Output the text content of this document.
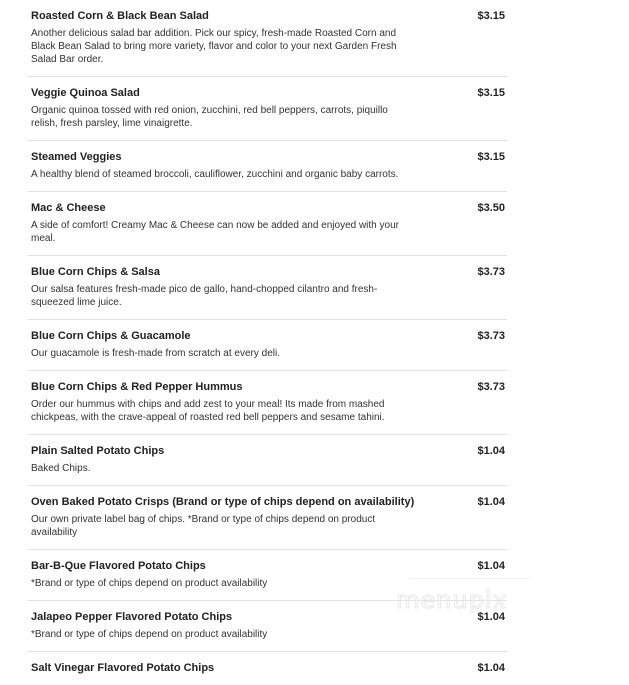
Roasted Corn & Black Bean Salad
Another delicious salad bar addition. Pick our spicy, fresh-made Roasted Corn and Black Bean Salad to bring more variety, flavor and color to your next Garden Fresh Salad Bar order.
$3.15
Veggie Quinoa Salad
Organic quinoa tossed with red onion, zucchini, red bell peppers, carrots, piquillo relish, fresh parsley, lime vinaigrette.
$3.15
Steamed Veggies
A healthy blend of steamed broccoli, cauliflower, zucchini and organic baby carrots.
$3.15
Mac & Cheese
A side of comfort! Creamy Mac & Cheese can now be added and enjoyed with your meal.
$3.50
Blue Corn Chips & Salsa
Our salsa features fresh-made pico de gallo, hand-chopped cilantro and fresh-squeezed lime juice.
$3.73
Blue Corn Chips & Guacamole
Our guacamole is fresh-made from scratch at every deli.
$3.73
Blue Corn Chips & Red Pepper Hummus
Order our hummus with chips and add zest to your meal! Its made from mashed chickpeas, with the crave-appeal of roasted red bell peppers and sesame tahini.
$3.73
Plain Salted Potato Chips
Baked Chips.
$1.04
Oven Baked Potato Crisps (Brand or type of chips depend on availability)
Our own private label bag of chips. *Brand or type of chips depend on product availability
$1.04
Bar-B-Que Flavored Potato Chips
*Brand or type of chips depend on product availability
$1.04
Jalapeo Pepper Flavored Potato Chips
*Brand or type of chips depend on product availability
$1.04
Salt Vinegar Flavored Potato Chips	$1.04
menupix
